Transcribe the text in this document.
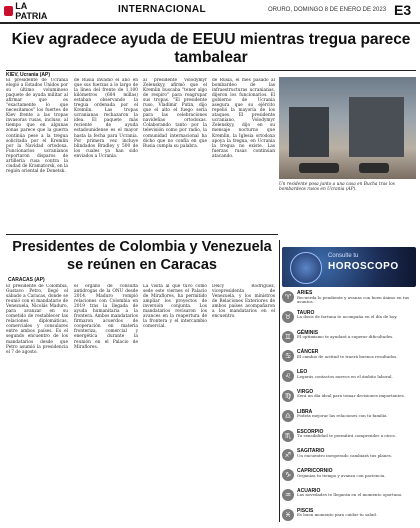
LA PATRIA
INTERNACIONAL	ORURO, DOMINGO 8 DE ENERO DE 2023 E3
Kiev agradece ayuda de EEUU mientras tregua parece tambalear
KIEV, Ucrania (AP)

El presidente de Ucrania elogió a Estados Unidos por su último voluminoso paquete de ayuda militar al afirmar que es "exactamente lo que necesitamos" los fuertes de Kiev frente a las tropas invasoras rusas, incluso, al tiempo que en algunas zonas parece que la guerra continúa pese a la tregua solicitada por el Kremlin por la Navidad ortodoxa. Funcionarios ucranianos reportaron disparos de artillería rusa contra la ciudad de Kramatorsk, en la región oriental de Donetsk.

de Rusia invadió el año en que sus fuerzas a lo largo de la línea del frente de 1,100 kilómetros (684 millas) estaban observando la tregua ordenada por el Kremlin. Las tropas ucranianas rechazaron la idea. El paquete más reciente de ayuda estadounidense es el mayor hasta la fecha para Ucrania. Por primera vez incluye blindados Bradley y 500 de los cuales ya han sido enviados a Ucrania.

al presidente Volodymyr Zelenskyy, afirmó que el Kremlin buscaba "tener algo de respiro" para reagrupar sus tropas. "El presidente ruso, Vladímir Putin, dijo que el alto el fuego sería para las celebraciones navideñas ortodoxas. Colaborando tanto por la televisión como por radio, la comunidad internacional ha dicho que no confía en que Rusia cumpla su palabra.

de Rusia, el mes pasado al bombardeo de las infraestructuras ucranianas, dijeron los funcionarios. El gobierno de Ucrania asegura que su ejército repelió la mayoría de los ataques. El presidente ucraniano, Volodymyr Zelenskyy, dijo en su mensaje nocturno que Kremlin, la Iglesia ortodoxa apoya la tregua, en Ucrania la tregua no existe. Las fuerzas rusas continúan atacando.

Un residente posa junto a una casa en Bucha tras los bombardeos rusos en Ucrania (AP).
Presidentes de Colombia y Venezuela se reúnen en Caracas
CARACAS (AP)

El presidente de Colombia, Gustavo Petro, llegó el sábado a Caracas, donde se reunió con el mandatario de Venezuela, Nicolás Maduro, para avanzar en su cometido de restablecer las relaciones diplomáticas, comerciales y consulares entre ambos países. Es el segundo encuentro de los mandatarios desde que Petro asumió la presidencia el 7 de agosto.

el órgano de consulta antidrogas de la ONU desde 2014. Maduro rompió relaciones con Colombia en 2019 tras la llegada de ayuda humanitaria a la frontera. Ambos mandatarios firmaron acuerdos de cooperación en materia fronteriza, comercial y energética durante la reunión en el Palacio de Miraflores.

La visita al que tuvo como sede este viernes el Palacio de Miraflores, ha permitido ampliar los proyectos de inversión conjunta. Los mandatarios revisaron los avances en la reapertura de la frontera y el intercambio comercial.

Delcy Rodríguez, vicepresidenta de Venezuela, y los ministros de Relaciones Exteriores de ambos países acompañaron a los mandatarios en el encuentro.

Consulte tu
HOROSCOPO
♈	ARIES
Recuerda lo pendiente y avanza con buen ánimo en tus asuntos.
♉	TAURO
La dosis de fortuna te acompaña en el día de hoy.
♊	GÉMINIS
El optimismo te ayudará a superar dificultades.
♋	CÁNCER
El cambio de actitud te traerá buenos resultados.
♌	LEO
Legarás contactos nuevos en el ámbito laboral.
♍	VIRGO
Será un día ideal para tomar decisiones importantes.
♎	LIBRA
Podrás mejorar las relaciones con tu familia.
♏	ESCORPIO
Tu sensibilidad te permitirá comprender a otros.
♐	SAGITARIO
Un encuentro inesperado cambiará tus planes.
♑	CAPRICORNIO
Organiza tu tiempo y avanza con paciencia.
♒	ACUARIO
Las novedades te llegarán en el momento oportuno.
♓	PISCIS
Es buen momento para cuidar tu salud.
